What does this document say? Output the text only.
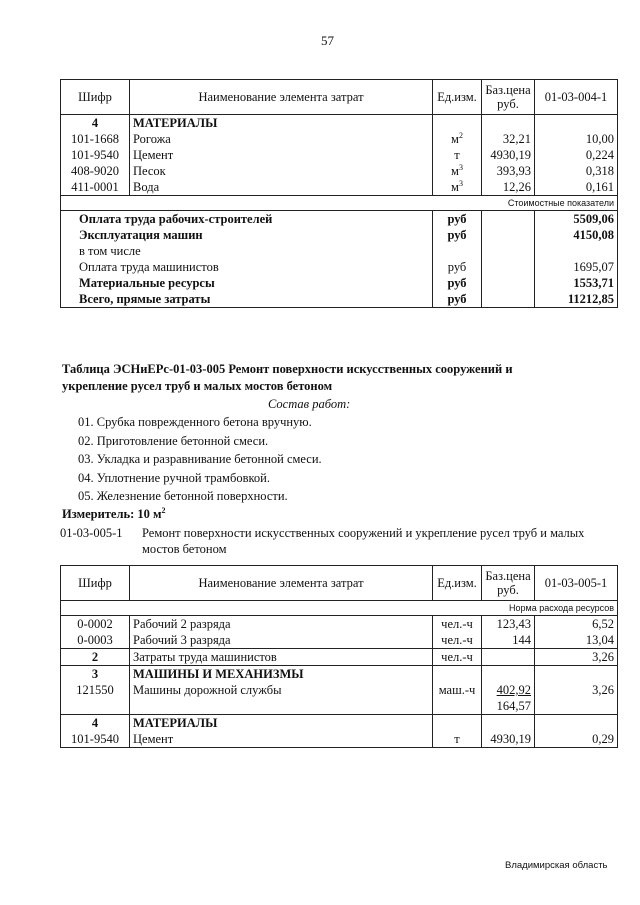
57
Шифр	Наименование элемента затрат	Ед.изм.	Баз.цена руб.	01-03-004-1
4	МАТЕРИАЛЫ			
101-1668	Рогожа	$м^2$	32,21	10,00
101-9540	Цемент	т	4930,19	0,224
408-9020	Песок	$м^3$	393,93	0,318
411-0001	Вода	$м^3$	12,26	0,161
Стоимостные показатели				
Оплата труда рабочих-строителей		руб		5509,06
Эксплуатация машин		руб		4150,08
в том числе				
Оплата труда машинистов		руб		1695,07
Материальные ресурсы		руб		1553,71
Всего, прямые затраты		руб		11212,85
Таблица ЭСНиЕРс-01-03-005 Ремонт поверхности искусственных сооружений и
укрепление русел труб и малых мостов бетоном
Состав работ:
01. Срубка поврежденного бетона вручную.
02. Приготовление бетонной смеси.
03. Укладка и разравнивание бетонной смеси.
04. Уплотнение ручной трамбовкой.
05. Железнение бетонной поверхности.
Измеритель: 10 $м^2$
01-03-005-1 Ремонт поверхности искусственных сооружений и укрепление русел труб и малых
мостов бетоном
Шифр	Наименование элемента затрат	Ед.изм.	Баз.цена руб.	01-03-005-1
Норма расхода ресурсов				
0-0002	Рабочий 2 разряда	чел.-ч	123,43	6,52
0-0003	Рабочий 3 разряда	чел.-ч	144	13,04
2	Затраты труда машинистов	чел.-ч		3,26
3	МАШИНЫ И МЕХАНИЗМЫ			
121550	Машины дорожной службы	маш.-ч	402,92	3,26
			164,57	
4	МАТЕРИАЛЫ			
101-9540	Цемент	т	4930,19	0,29
Владимирская область
